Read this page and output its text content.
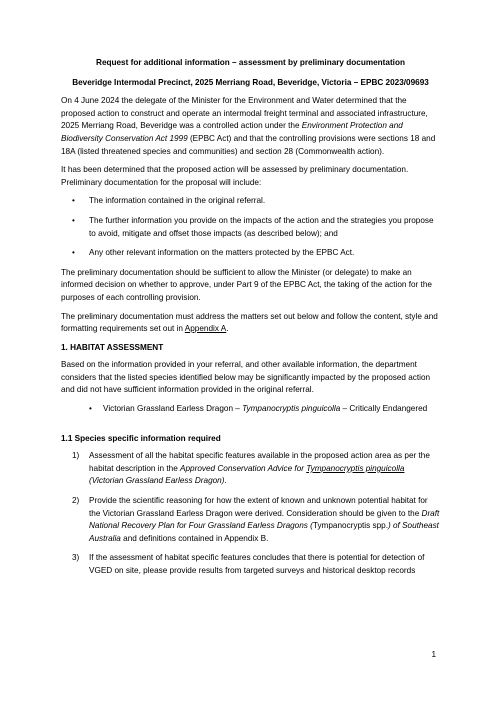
Request for additional information – assessment by preliminary documentation

Beveridge Intermodal Precinct, 2025 Merriang Road, Beveridge, Victoria – EPBC 2023/09693

On 4 June 2024 the delegate of the Minister for the Environment and Water determined that the proposed action to construct and operate an intermodal freight terminal and associated infrastructure, 2025 Merriang Road, Beveridge was a controlled action under the Environment Protection and Biodiversity Conservation Act 1999 (EPBC Act) and that the controlling provisions were sections 18 and 18A (listed threatened species and communities) and section 28 (Commonwealth action).

It has been determined that the proposed action will be assessed by preliminary documentation. Preliminary documentation for the proposal will include:

• The information contained in the original referral.
• The further information you provide on the impacts of the action and the strategies you propose to avoid, mitigate and offset those impacts (as described below); and
• Any other relevant information on the matters protected by the EPBC Act.

The preliminary documentation should be sufficient to allow the Minister (or delegate) to make an informed decision on whether to approve, under Part 9 of the EPBC Act, the taking of the action for the purposes of each controlling provision.

The preliminary documentation must address the matters set out below and follow the content, style and formatting requirements set out in Appendix A.

1. HABITAT ASSESSMENT

Based on the information provided in your referral, and other available information, the department considers that the listed species identified below may be significantly impacted by the proposed action and did not have sufficient information provided in the original referral.

• Victorian Grassland Earless Dragon – Tympanocryptis pinguicolla – Critically Endangered

1.1 Species specific information required

1) Assessment of all the habitat specific features available in the proposed action area as per the habitat description in the Approved Conservation Advice for Tympanocryptis pinguicolla (Victorian Grassland Earless Dragon).
2) Provide the scientific reasoning for how the extent of known and unknown potential habitat for the Victorian Grassland Earless Dragon were derived. Consideration should be given to the Draft National Recovery Plan for Four Grassland Earless Dragons (Tympanocryptis spp.) of Southeast Australia and definitions contained in Appendix B.
3) If the assessment of habitat specific features concludes that there is potential for detection of VGED on site, please provide results from targeted surveys and historical desktop records
1
